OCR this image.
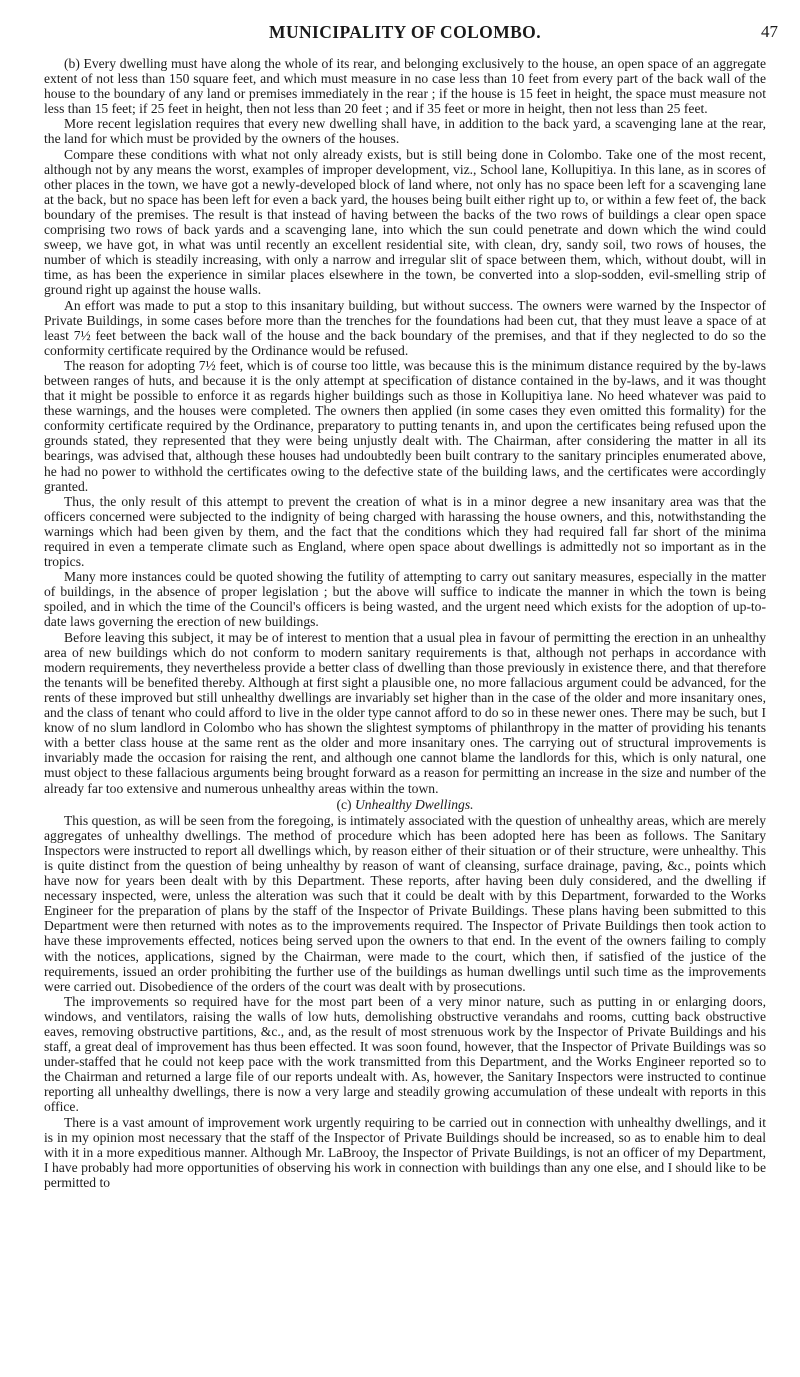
MUNICIPALITY OF COLOMBO.	47

(b) Every dwelling must have along the whole of its rear, and belonging exclusively to the house, an open space of an aggregate extent of not less than 150 square feet, and which must measure in no case less than 10 feet from every part of the back wall of the house to the boundary of any land or premises immediately in the rear ; if the house is 15 feet in height, the space must measure not less than 15 feet; if 25 feet in height, then not less than 20 feet ; and if 35 feet or more in height, then not less than 25 feet.

More recent legislation requires that every new dwelling shall have, in addition to the back yard, a scavenging lane at the rear, the land for which must be provided by the owners of the houses.

Compare these conditions with what not only already exists, but is still being done in Colombo. Take one of the most recent, although not by any means the worst, examples of improper development, viz., School lane, Kollupitiya. In this lane, as in scores of other places in the town, we have got a newly-developed block of land where, not only has no space been left for a scavenging lane at the back, but no space has been left for even a back yard, the houses being built either right up to, or within a few feet of, the back boundary of the premises. The result is that instead of having between the backs of the two rows of buildings a clear open space comprising two rows of back yards and a scavenging lane, into which the sun could penetrate and down which the wind could sweep, we have got, in what was until recently an excellent residential site, with clean, dry, sandy soil, two rows of houses, the number of which is steadily increasing, with only a narrow and irregular slit of space between them, which, without doubt, will in time, as has been the experience in similar places elsewhere in the town, be converted into a slop-sodden, evil-smelling strip of ground right up against the house walls.

An effort was made to put a stop to this insanitary building, but without success. The owners were warned by the Inspector of Private Buildings, in some cases before more than the trenches for the foundations had been cut, that they must leave a space of at least 7½ feet between the back wall of the house and the back boundary of the premises, and that if they neglected to do so the conformity certificate required by the Ordinance would be refused.

The reason for adopting 7½ feet, which is of course too little, was because this is the minimum distance required by the by-laws between ranges of huts, and because it is the only attempt at specification of distance contained in the by-laws, and it was thought that it might be possible to enforce it as regards higher buildings such as those in Kollupitiya lane. No heed whatever was paid to these warnings, and the houses were completed. The owners then applied (in some cases they even omitted this formality) for the conformity certificate required by the Ordinance, preparatory to putting tenants in, and upon the certificates being refused upon the grounds stated, they represented that they were being unjustly dealt with. The Chairman, after considering the matter in all its bearings, was advised that, although these houses had undoubtedly been built contrary to the sanitary principles enumerated above, he had no power to withhold the certificates owing to the defective state of the building laws, and the certificates were accordingly granted.

Thus, the only result of this attempt to prevent the creation of what is in a minor degree a new insanitary area was that the officers concerned were subjected to the indignity of being charged with harassing the house owners, and this, notwithstanding the warnings which had been given by them, and the fact that the conditions which they had required fall far short of the minima required in even a temperate climate such as England, where open space about dwellings is admittedly not so important as in the tropics.

Many more instances could be quoted showing the futility of attempting to carry out sanitary measures, especially in the matter of buildings, in the absence of proper legislation ; but the above will suffice to indicate the manner in which the town is being spoiled, and in which the time of the Council's officers is being wasted, and the urgent need which exists for the adoption of up-to-date laws governing the erection of new buildings.

Before leaving this subject, it may be of interest to mention that a usual plea in favour of permitting the erection in an unhealthy area of new buildings which do not conform to modern sanitary requirements is that, although not perhaps in accordance with modern requirements, they nevertheless provide a better class of dwelling than those previously in existence there, and that therefore the tenants will be benefited thereby. Although at first sight a plausible one, no more fallacious argument could be advanced, for the rents of these improved but still unhealthy dwellings are invariably set higher than in the case of the older and more insanitary ones, and the class of tenant who could afford to live in the older type cannot afford to do so in these newer ones. There may be such, but I know of no slum landlord in Colombo who has shown the slightest symptoms of philanthropy in the matter of providing his tenants with a better class house at the same rent as the older and more insanitary ones. The carrying out of structural improvements is invariably made the occasion for raising the rent, and although one cannot blame the landlords for this, which is only natural, one must object to these fallacious arguments being brought forward as a reason for permitting an increase in the size and number of the already far too extensive and numerous unhealthy areas within the town.

(c) Unhealthy Dwellings.

This question, as will be seen from the foregoing, is intimately associated with the question of unhealthy areas, which are merely aggregates of unhealthy dwellings. The method of procedure which has been adopted here has been as follows. The Sanitary Inspectors were instructed to report all dwellings which, by reason either of their situation or of their structure, were unhealthy. This is quite distinct from the question of being unhealthy by reason of want of cleansing, surface drainage, paving, &c., points which have now for years been dealt with by this Department. These reports, after having been duly considered, and the dwelling if necessary inspected, were, unless the alteration was such that it could be dealt with by this Department, forwarded to the Works Engineer for the preparation of plans by the staff of the Inspector of Private Buildings. These plans having been submitted to this Department were then returned with notes as to the improvements required. The Inspector of Private Buildings then took action to have these improvements effected, notices being served upon the owners to that end. In the event of the owners failing to comply with the notices, applications, signed by the Chairman, were made to the court, which then, if satisfied of the justice of the requirements, issued an order prohibiting the further use of the buildings as human dwellings until such time as the improvements were carried out. Disobedience of the orders of the court was dealt with by prosecutions.

The improvements so required have for the most part been of a very minor nature, such as putting in or enlarging doors, windows, and ventilators, raising the walls of low huts, demolishing obstructive verandahs and rooms, cutting back obstructive eaves, removing obstructive partitions, &c., and, as the result of most strenuous work by the Inspector of Private Buildings and his staff, a great deal of improvement has thus been effected. It was soon found, however, that the Inspector of Private Buildings was so under-staffed that he could not keep pace with the work transmitted from this Department, and the Works Engineer reported so to the Chairman and returned a large file of our reports undealt with. As, however, the Sanitary Inspectors were instructed to continue reporting all unhealthy dwellings, there is now a very large and steadily growing accumulation of these undealt with reports in this office.

There is a vast amount of improvement work urgently requiring to be carried out in connection with unhealthy dwellings, and it is in my opinion most necessary that the staff of the Inspector of Private Buildings should be increased, so as to enable him to deal with it in a more expeditious manner. Although Mr. LaBrooy, the Inspector of Private Buildings, is not an officer of my Department, I have probably had more opportunities of observing his work in connection with buildings than any one else, and I should like to be permitted to
